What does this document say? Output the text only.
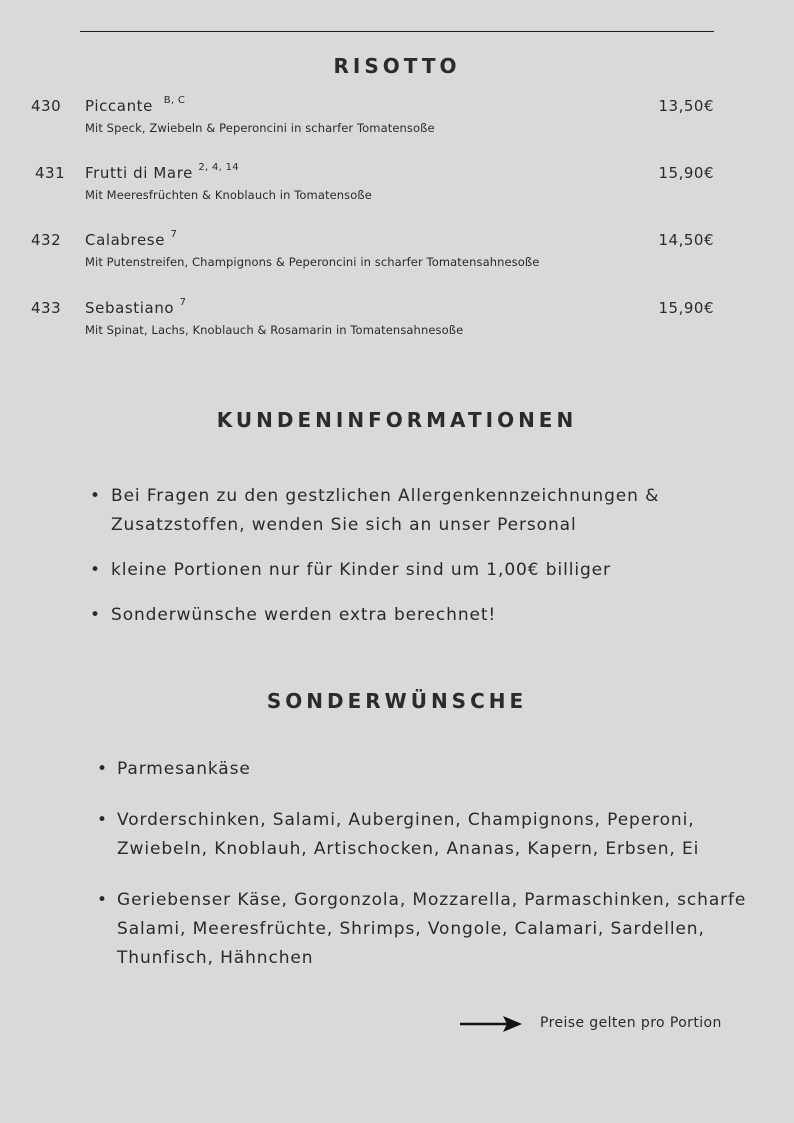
RISOTTO
430	Piccante $^{B, C}$	13,50€
Mit Speck, Zwiebeln & Peperoncini in scharfer Tomatensoße
431	Frutti di Mare $^{2, 4, 14}$	15,90€
Mit Meeresfrüchten & Knoblauch in Tomatensoße
432	Calabrese $^7$	14,50€
Mit Putenstreifen, Champignons & Peperoncini in scharfer Tomatensahnesoße
433	Sebastiano $^7$	15,90€
Mit Spinat, Lachs, Knoblauch & Rosamarin in Tomatensahnesoße
KUNDENINFORMATIONEN
• Bei Fragen zu den gestzlichen Allergenkennzeichnungen & Zusatzstoffen, wenden Sie sich an unser Personal
• kleine Portionen nur für Kinder sind um 1,00€ billiger
• Sonderwünsche werden extra berechnet!
SONDERWÜNSCHE
• Parmesankäse
• Vorderschinken, Salami, Auberginen, Champignons, Peperoni, Zwiebeln, Knoblauh, Artischocken, Ananas, Kapern, Erbsen, Ei
• Geriebenser Käse, Gorgonzola, Mozzarella, Parmaschinken, scharfe Salami, Meeresfrüchte, Shrimps, Vongole, Calamari, Sardellen, Thunfisch, Hähnchen
Preise gelten pro Portion
